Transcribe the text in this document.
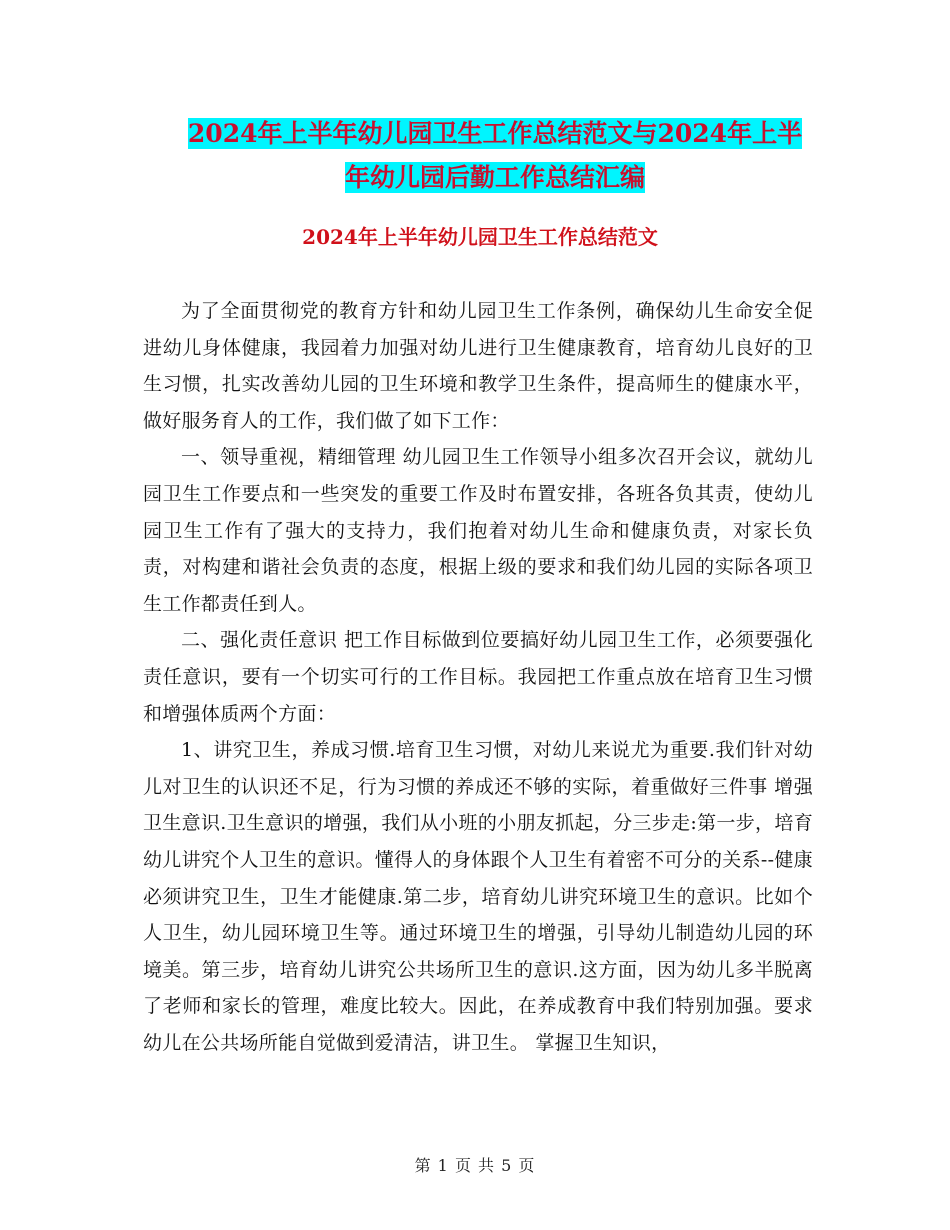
2024年上半年幼儿园卫生工作总结范文与2024年上半
年幼儿园后勤工作总结汇编
2024年上半年幼儿园卫生工作总结范文

为了全面贯彻党的教育方针和幼儿园卫生工作条例，确保幼儿生命安全促进幼儿身体健康，我园着力加强对幼儿进行卫生健康教育，培育幼儿良好的卫生习惯，扎实改善幼儿园的卫生环境和教学卫生条件，提高师生的健康水平，做好服务育人的工作，我们做了如下工作：

一、领导重视，精细管理 幼儿园卫生工作领导小组多次召开会议，就幼儿园卫生工作要点和一些突发的重要工作及时布置安排，各班各负其责，使幼儿园卫生工作有了强大的支持力，我们抱着对幼儿生命和健康负责，对家长负责，对构建和谐社会负责的态度，根据上级的要求和我们幼儿园的实际各项卫生工作都责任到人。

二、强化责任意识 把工作目标做到位要搞好幼儿园卫生工作，必须要强化责任意识，要有一个切实可行的工作目标。我园把工作重点放在培育卫生习惯和增强体质两个方面：

1、讲究卫生，养成习惯.培育卫生习惯，对幼儿来说尤为重要.我们针对幼儿对卫生的认识还不足，行为习惯的养成还不够的实际，着重做好三件事 增强卫生意识.卫生意识的增强，我们从小班的小朋友抓起，分三步走:第一步，培育幼儿讲究个人卫生的意识。懂得人的身体跟个人卫生有着密不可分的关系--健康必须讲究卫生，卫生才能健康.第二步，培育幼儿讲究环境卫生的意识。比如个人卫生，幼儿园环境卫生等。通过环境卫生的增强，引导幼儿制造幼儿园的环境美。第三步，培育幼儿讲究公共场所卫生的意识.这方面，因为幼儿多半脱离了老师和家长的管理，难度比较大。因此，在养成教育中我们特别加强。要求幼儿在公共场所能自觉做到爱清洁，讲卫生。 掌握卫生知识，

第 1 页 共 5 页
